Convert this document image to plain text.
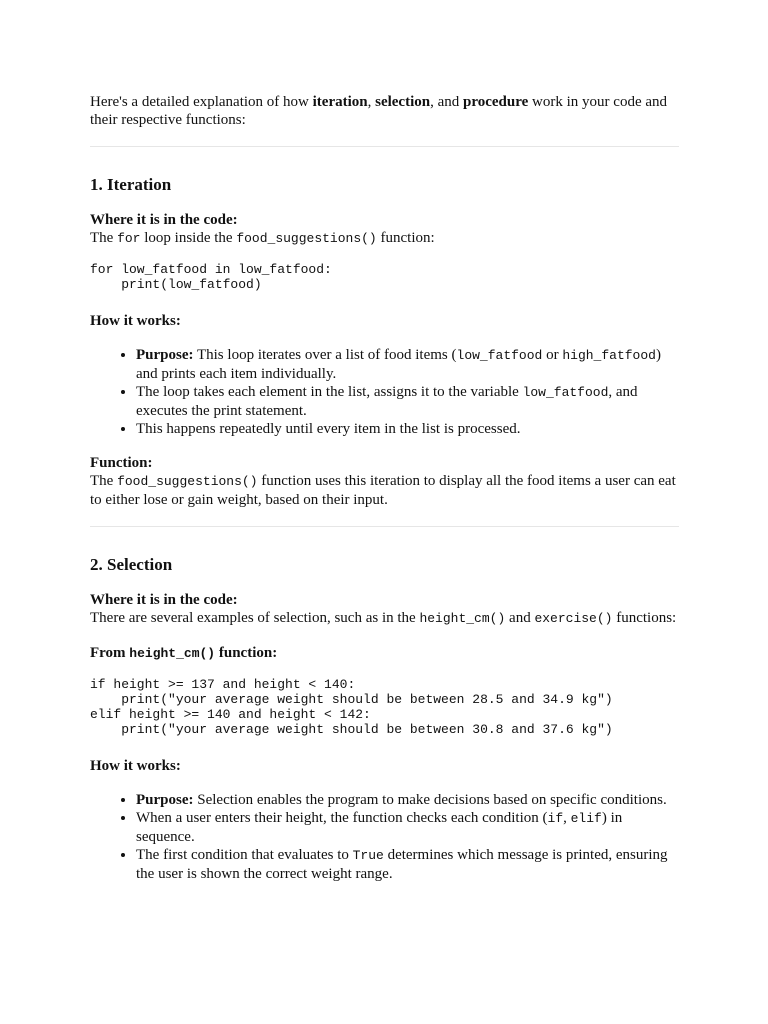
Here's a detailed explanation of how iteration, selection, and procedure work in your code and their respective functions:

1. Iteration

Where it is in the code:

The for loop inside the food_suggestions() function:

for low_fatfood in low_fatfood:
print(low_fatfood)

How it works:

• Purpose: This loop iterates over a list of food items (low_fatfood or high_fatfood) and prints each item individually.
• The loop takes each element in the list, assigns it to the variable low_fatfood, and executes the print statement.
• This happens repeatedly until every item in the list is processed.

Function:

The food_suggestions() function uses this iteration to display all the food items a user can eat to either lose or gain weight, based on their input.

2. Selection

Where it is in the code:

There are several examples of selection, such as in the height_cm() and exercise() functions:

From height_cm() function:

if height >= 137 and height < 140:
print("your average weight should be between 28.5 and 34.9 kg")
elif height >= 140 and height < 142:
print("your average weight should be between 30.8 and 37.6 kg")

How it works:

• Purpose: Selection enables the program to make decisions based on specific conditions.
• When a user enters their height, the function checks each condition (if, elif) in sequence.
• The first condition that evaluates to True determines which message is printed, ensuring the user is shown the correct weight range.
